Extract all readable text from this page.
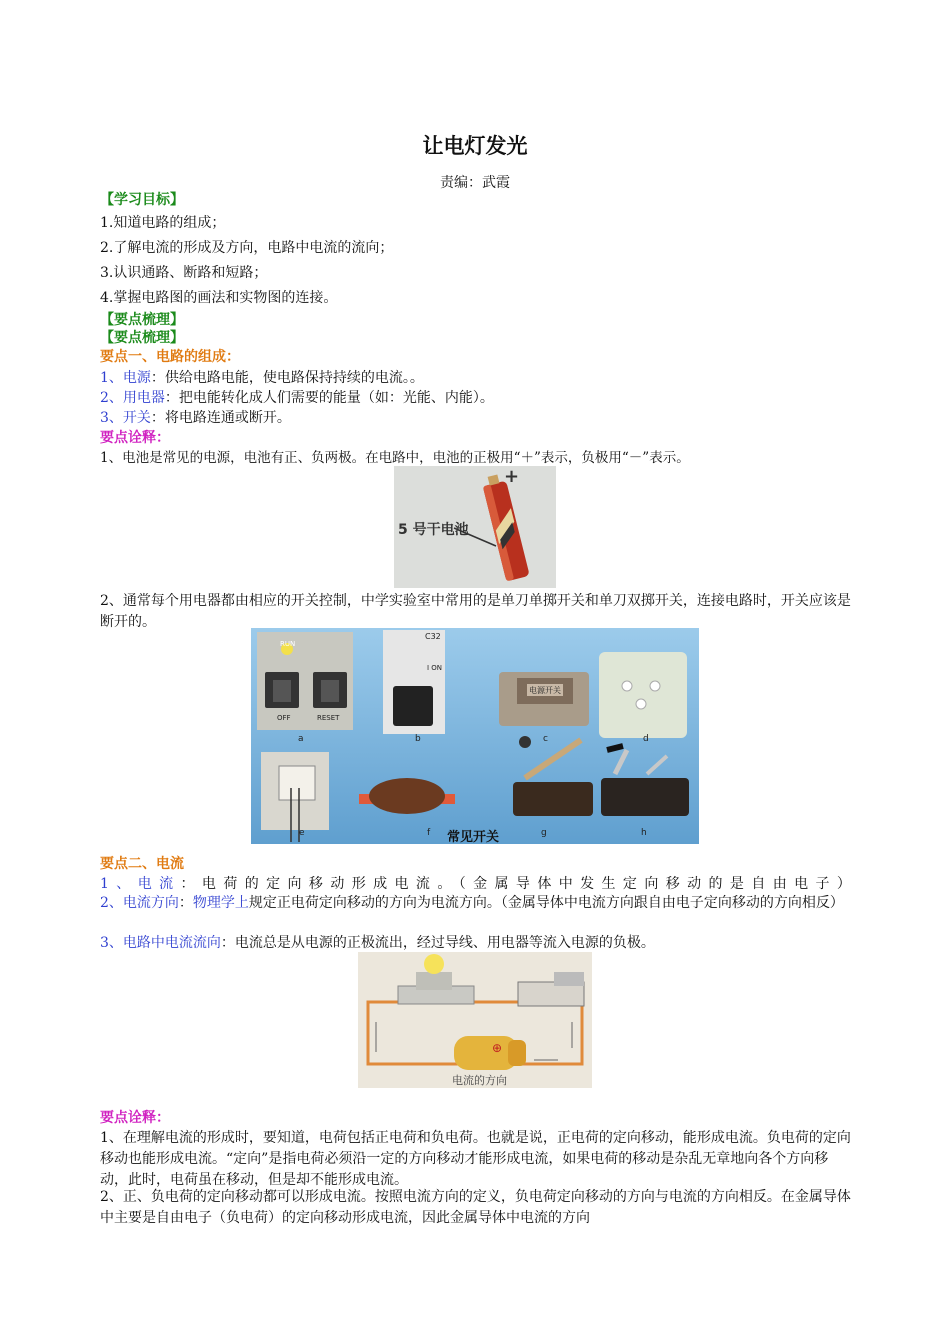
让电灯发光
责编：武霞
【学习目标】
1.知道电路的组成；
2.了解电流的形成及方向，电路中电流的流向；
3.认识通路、断路和短路；
4.掌握电路图的画法和实物图的连接。
【要点梳理】
【要点梳理】
要点一、电路的组成：
1、电源：供给电路电能，使电路保持持续的电流。。
2、用电器：把电能转化成人们需要的能量（如：光能、内能）。
3、开关：将电路连通或断开。
要点诠释：
1、电池是常见的电源，电池有正、负两极。在电路中，电池的正极用“＋”表示，负极用“－”表示。
+
5 号干电池
2、通常每个用电器都由相应的开关控制，中学实验室中常用的是单刀单掷开关和单刀双掷开关，连接电路时，开关应该是断开的。
RUN
OFF	RESET
C32
I ON
电源开关
a	b	c	d
e	f	g	h
常见开关
要点二、电流
1、电流：电荷的定向移动形成电流。（金属导体中发生定向移动的是自由电子）
2、电流方向：物理学上规定正电荷定向移动的方向为电流方向。（金属导体中电流方向跟自由电子定向移动的方向相反）
3、电路中电流流向：电流总是从电源的正极流出，经过导线、用电器等流入电源的负极。
⊕
电流的方向
要点诠释：
1、在理解电流的形成时，要知道，电荷包括正电荷和负电荷。也就是说，正电荷的定向移动，能形成电流。负电荷的定向移动也能形成电流。“定向”是指电荷必须沿一定的方向移动才能形成电流，如果电荷的移动是杂乱无章地向各个方向移动，此时，电荷虽在移动，但是却不能形成电流。
2、正、负电荷的定向移动都可以形成电流。按照电流方向的定义，负电荷定向移动的方向与电流的方向相反。在金属导体中主要是自由电子（负电荷）的定向移动形成电流，因此金属导体中电流的方向
